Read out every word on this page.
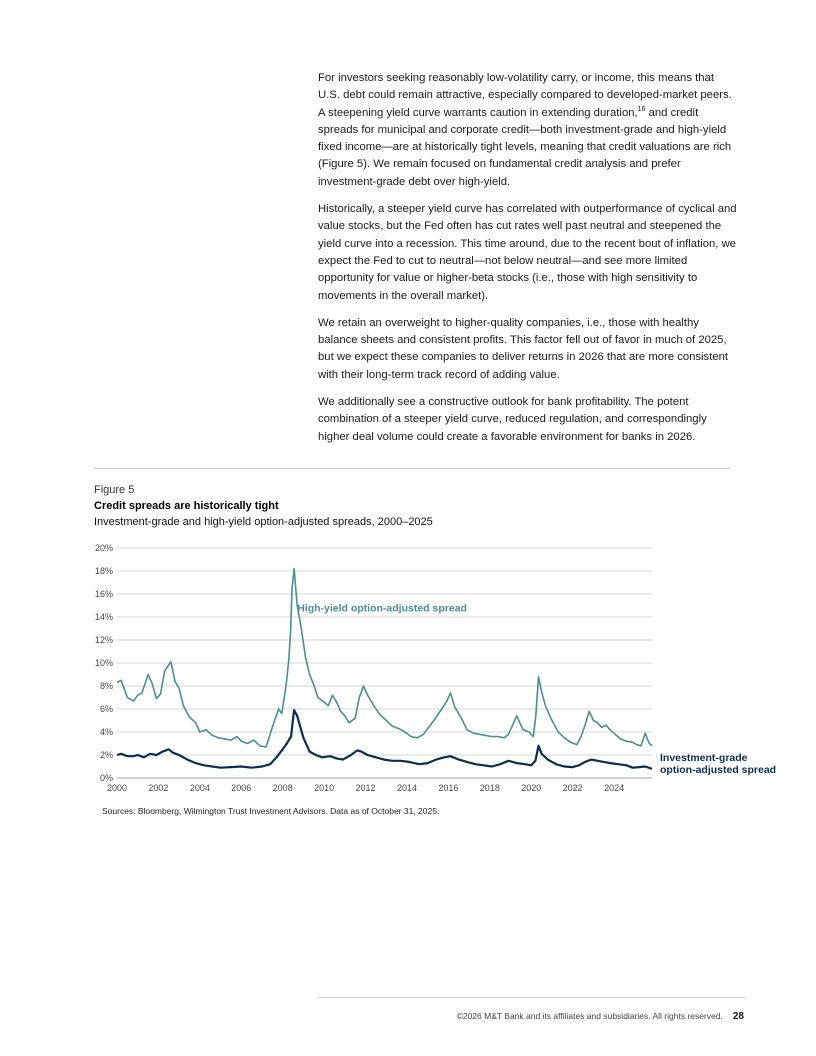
For investors seeking reasonably low-volatility carry, or income, this means that U.S. debt could remain attractive, especially compared to developed-market peers. A steepening yield curve warrants caution in extending duration,$^{16}$ and credit spreads for municipal and corporate credit—both investment-grade and high-yield fixed income—are at historically tight levels, meaning that credit valuations are rich (Figure 5). We remain focused on fundamental credit analysis and prefer investment-grade debt over high-yield.

Historically, a steeper yield curve has correlated with outperformance of cyclical and value stocks, but the Fed often has cut rates well past neutral and steepened the yield curve into a recession. This time around, due to the recent bout of inflation, we expect the Fed to cut to neutral—not below neutral—and see more limited opportunity for value or higher-beta stocks (i.e., those with high sensitivity to movements in the overall market).

We retain an overweight to higher-quality companies, i.e., those with healthy balance sheets and consistent profits. This factor fell out of favor in much of 2025, but we expect these companies to deliver returns in 2026 that are more consistent with their long-term track record of adding value.

We additionally see a constructive outlook for bank profitability. The potent combination of a steeper yield curve, reduced regulation, and correspondingly higher deal volume could create a favorable environment for banks in 2026.

Figure 5
Credit spreads are historically tight
Investment-grade and high-yield option-adjusted spreads, 2000–2025
0%
2%
4%
6%
8%
10%
12%
14%
16%
18%
20%
2000 2002 2004 2006 2008 2010 2012 2014 2016 2018 2020 2022 2024
High-yield option-adjusted spread
Investment-grade
option-adjusted spread
Sources: Bloomberg, Wilmington Trust Investment Advisors. Data as of October 31, 2025.
©2026 M&T Bank and its affiliates and subsidiaries. All rights reserved. 28
